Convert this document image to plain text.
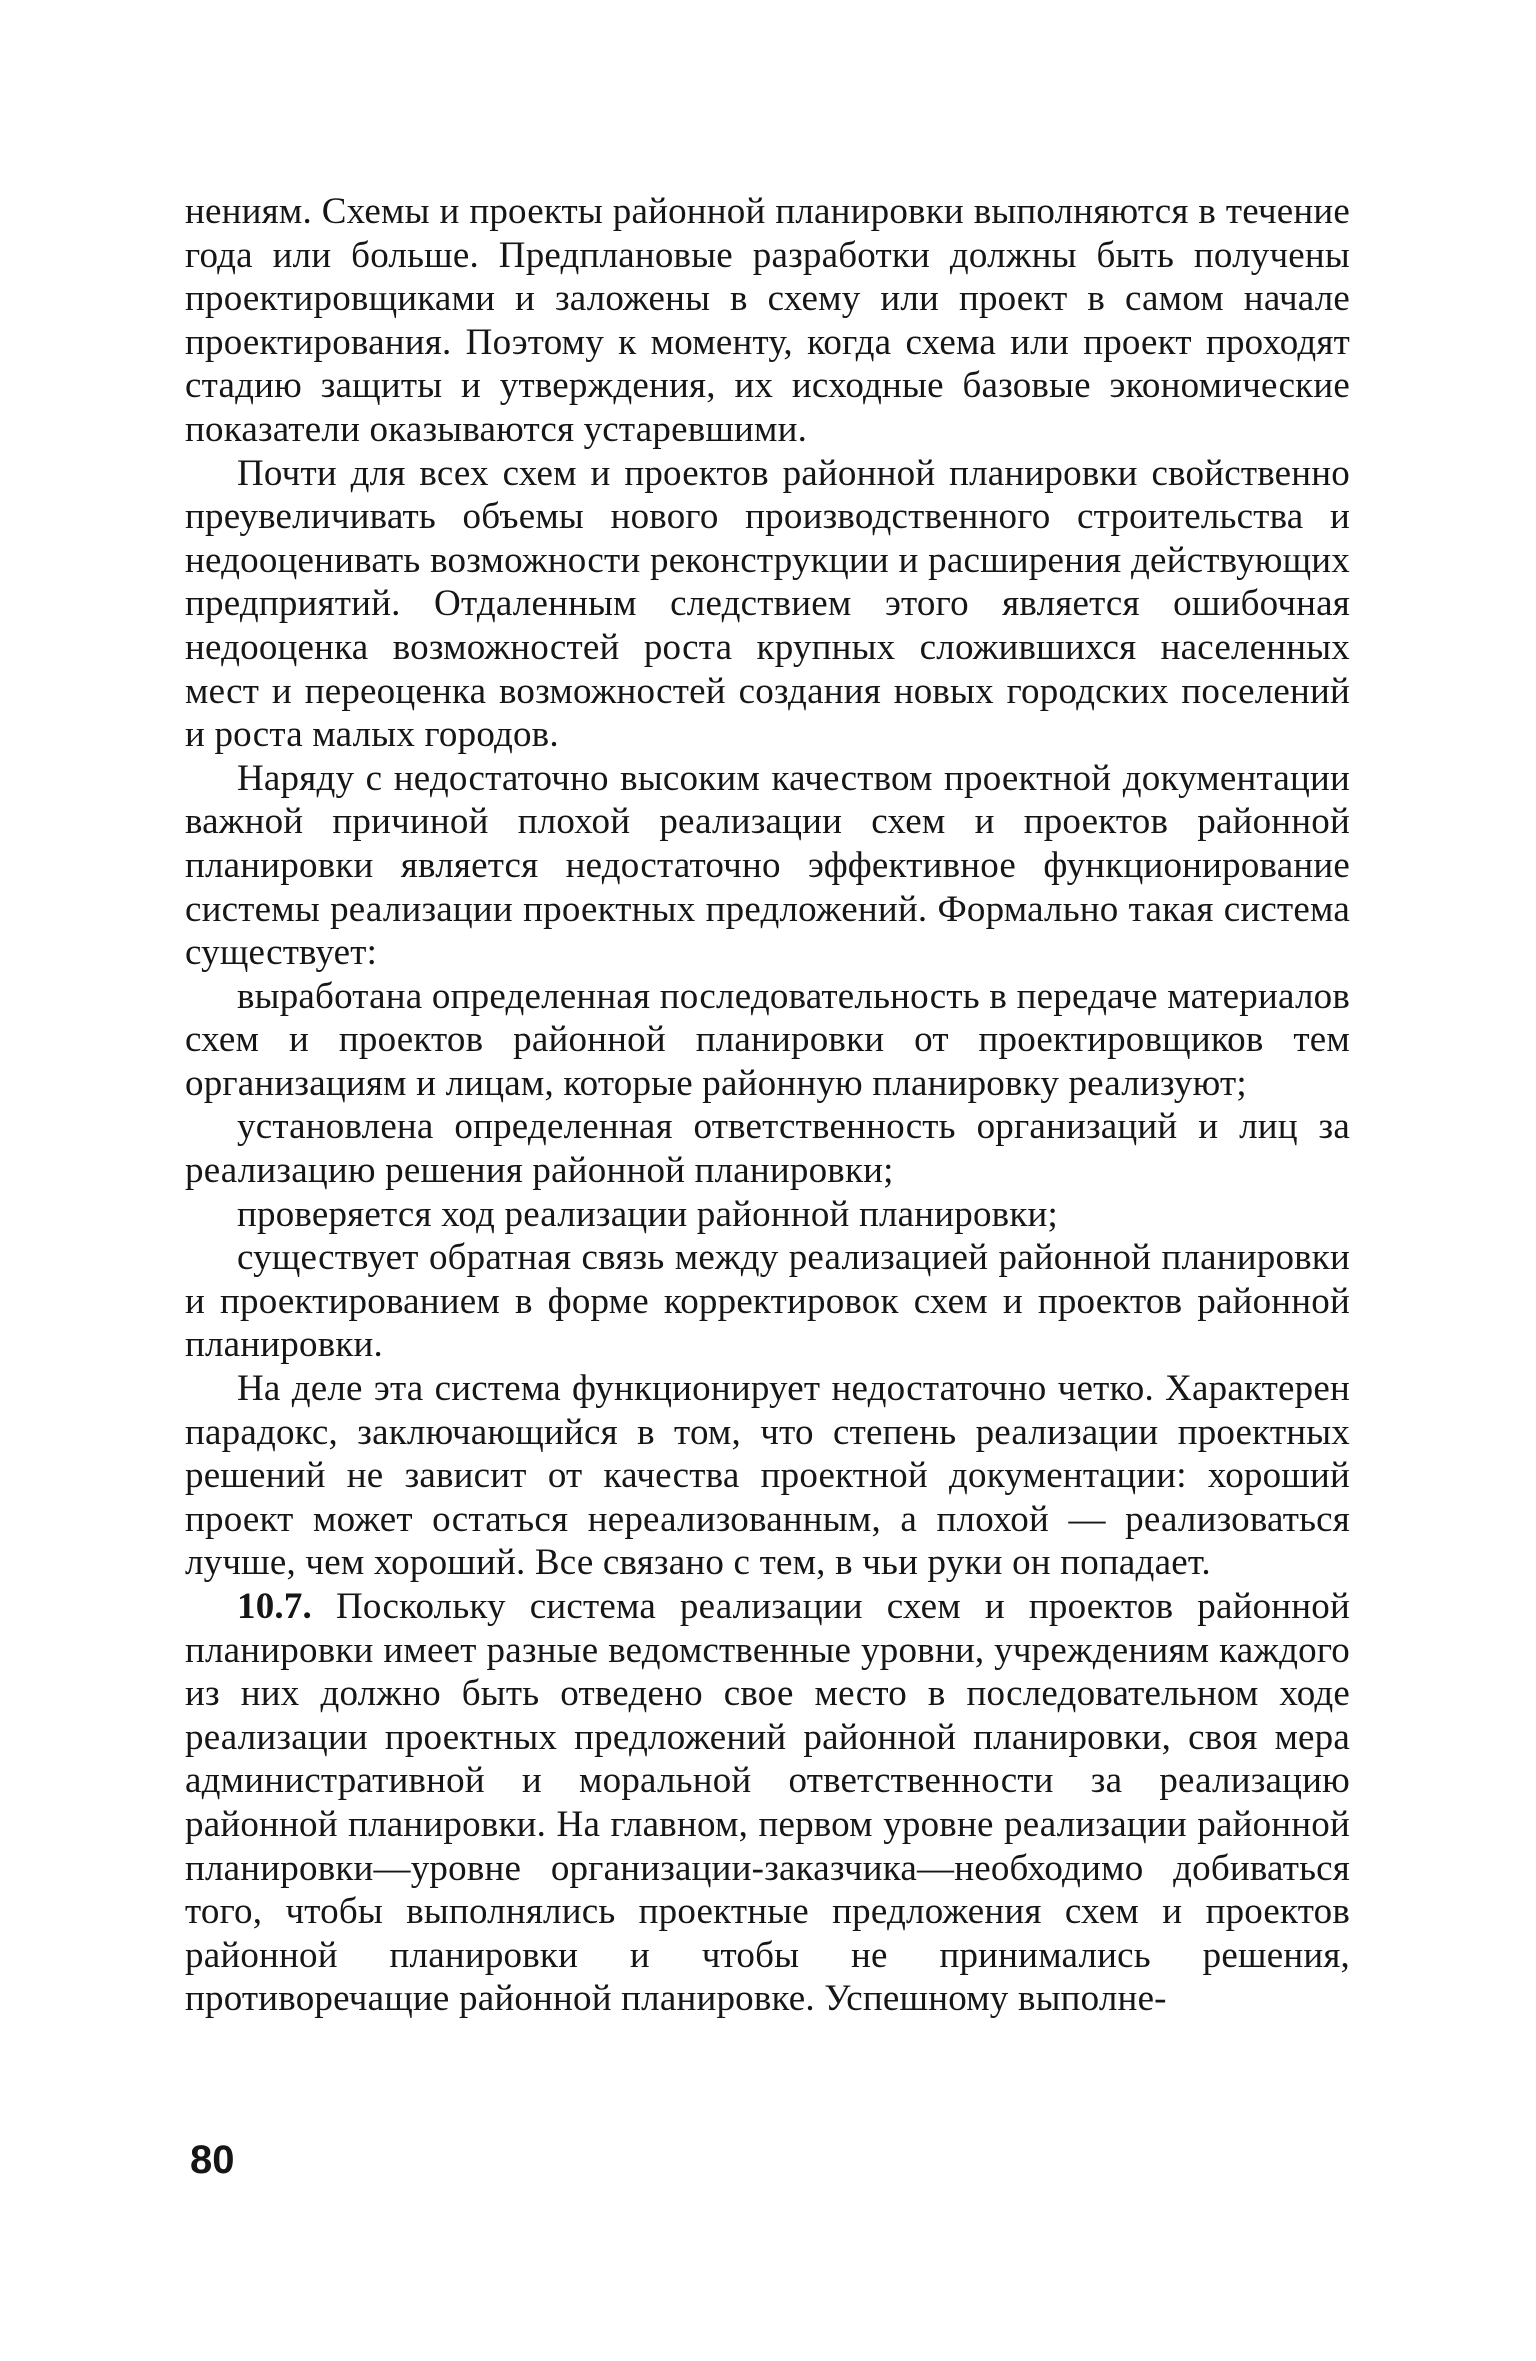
нениям. Схемы и проекты районной планировки выполняются в течение года или больше. Предплановые разработки должны быть получены проектировщиками и заложены в схему или проект в самом начале проектирования. Поэтому к моменту, когда схема или проект проходят стадию защиты и утверждения, их исходные базовые экономические показатели оказываются устаревшими.

Почти для всех схем и проектов районной планировки свойственно преувеличивать объемы нового производственного строительства и недооценивать возможности реконструкции и расширения действующих предприятий. Отдаленным следствием этого является ошибочная недооценка возможностей роста крупных сложившихся населенных мест и переоценка возможностей создания новых городских поселений и роста малых городов.

Наряду с недостаточно высоким качеством проектной документации важной причиной плохой реализации схем и проектов районной планировки является недостаточно эффективное функционирование системы реализации проектных предложений. Формально такая система существует:

выработана определенная последовательность в передаче материалов схем и проектов районной планировки от проектировщиков тем организациям и лицам, которые районную планировку реализуют;

установлена определенная ответственность организаций и лиц за реализацию решения районной планировки;

проверяется ход реализации районной планировки;

существует обратная связь между реализацией районной планировки и проектированием в форме корректировок схем и проектов районной планировки.

На деле эта система функционирует недостаточно четко. Характерен парадокс, заключающийся в том, что степень реализации проектных решений не зависит от качества проектной документации: хороший проект может остаться нереализованным, а плохой — реализоваться лучше, чем хороший. Все связано с тем, в чьи руки он попадает.

10.7. Поскольку система реализации схем и проектов районной планировки имеет разные ведомственные уровни, учреждениям каждого из них должно быть отведено свое место в последовательном ходе реализации проектных предложений районной планировки, своя мера административной и моральной ответственности за реализацию районной планировки. На главном, первом уровне реализации районной планировки—уровне организации-заказчика—необходимо добиваться того, чтобы выполнялись проектные предложения схем и проектов районной планировки и чтобы не принимались решения, противоречащие районной планировке. Успешному выполне-

80
